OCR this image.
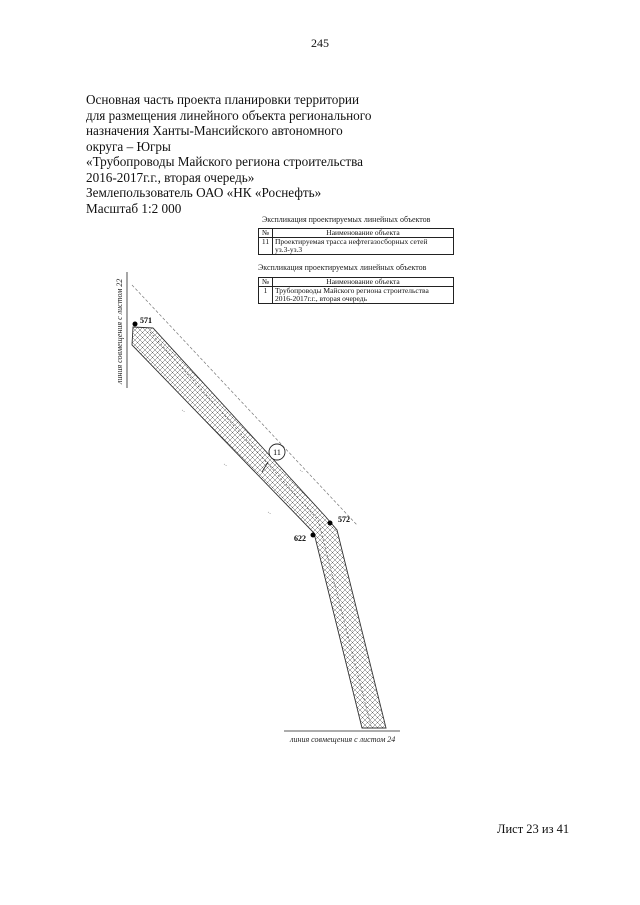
245
Основная часть проекта планировки территории
для размещения линейного объекта регионального
назначения Ханты-Мансийского автономного
округа – Югры
«Трубопроводы Майского региона строительства
2016-2017г.г., вторая очередь»
Землепользователь ОАО «НК «Роснефть»
Масштаб 1:2 000
Экспликация проектируемых линейных объектов
№	Наименование объекта
11	Проектируемая трасса нефтегазосборных сетей
уз.3-уз.3
Экспликация проектируемых линейных объектов
№	Наименование объекта
1	Трубопроводы Майского региона строительства
2016-2017г.г., вторая очередь
линия совмещения с листом 22 571
572
622
11
линия совмещения с листом 24
Лист 23 из 41
